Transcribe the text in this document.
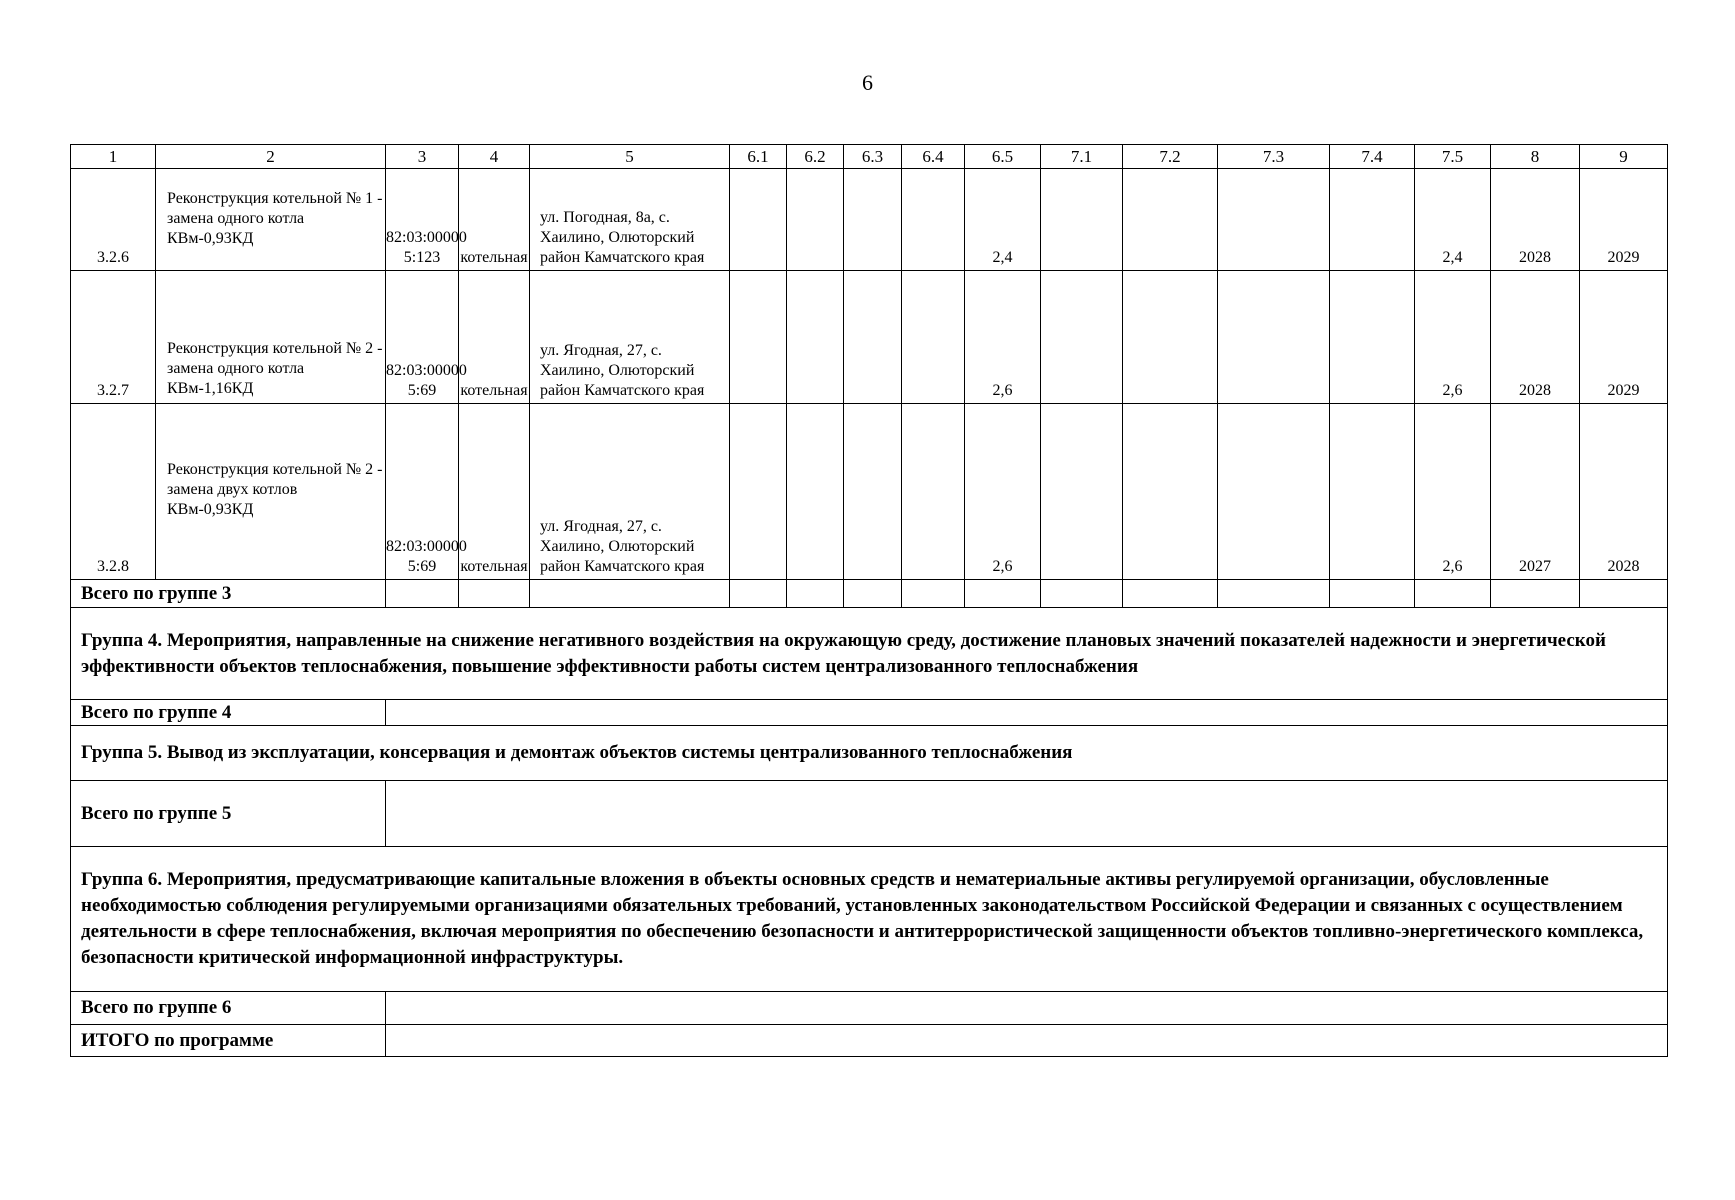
6
1	2	3	4	5	6.1	6.2	6.3	6.4	6.5	7.1	7.2	7.3	7.4	7.5	8	9
3.2.6	Реконструкция котельной № 1 - замена одного котла КВм-0,93КД	82:03:00000 5:123	котельная	ул. Погодная, 8а, с. Хаилино, Олюторский район Камчатского края					2,4					2,4	2028	2029
3.2.7	Реконструкция котельной № 2 - замена одного котла КВм-1,16КД	82:03:00000 5:69	котельная	ул. Ягодная, 27, с. Хаилино, Олюторский район Камчатского края					2,6					2,6	2028	2029
3.2.8	Реконструкция котельной № 2 - замена двух котлов КВм-0,93КД	82:03:00000 5:69	котельная	ул. Ягодная, 27, с. Хаилино, Олюторский район Камчатского края					2,6					2,6	2027	2028
Всего по группе 3																
Группа 4. Мероприятия, направленные на снижение негативного воздействия на окружающую среду, достижение плановых значений показателей надежности и энергетической эффективности объектов теплоснабжения, повышение эффективности работы систем централизованного теплоснабжения																
Всего по группе 4																
Группа 5. Вывод из эксплуатации, консервация и демонтаж объектов системы централизованного теплоснабжения																
Всего по группе 5																
Группа 6. Мероприятия, предусматривающие капитальные вложения в объекты основных средств и нематериальные активы регулируемой организации, обусловленные необходимостью соблюдения регулируемыми организациями обязательных требований, установленных законодательством Российской Федерации и связанных с осуществлением деятельности в сфере теплоснабжения, включая мероприятия по обеспечению безопасности и антитеррористической защищенности объектов топливно-энергетического комплекса, безопасности критической информационной инфраструктуры.																
Всего по группе 6																
ИТОГО по программе																
